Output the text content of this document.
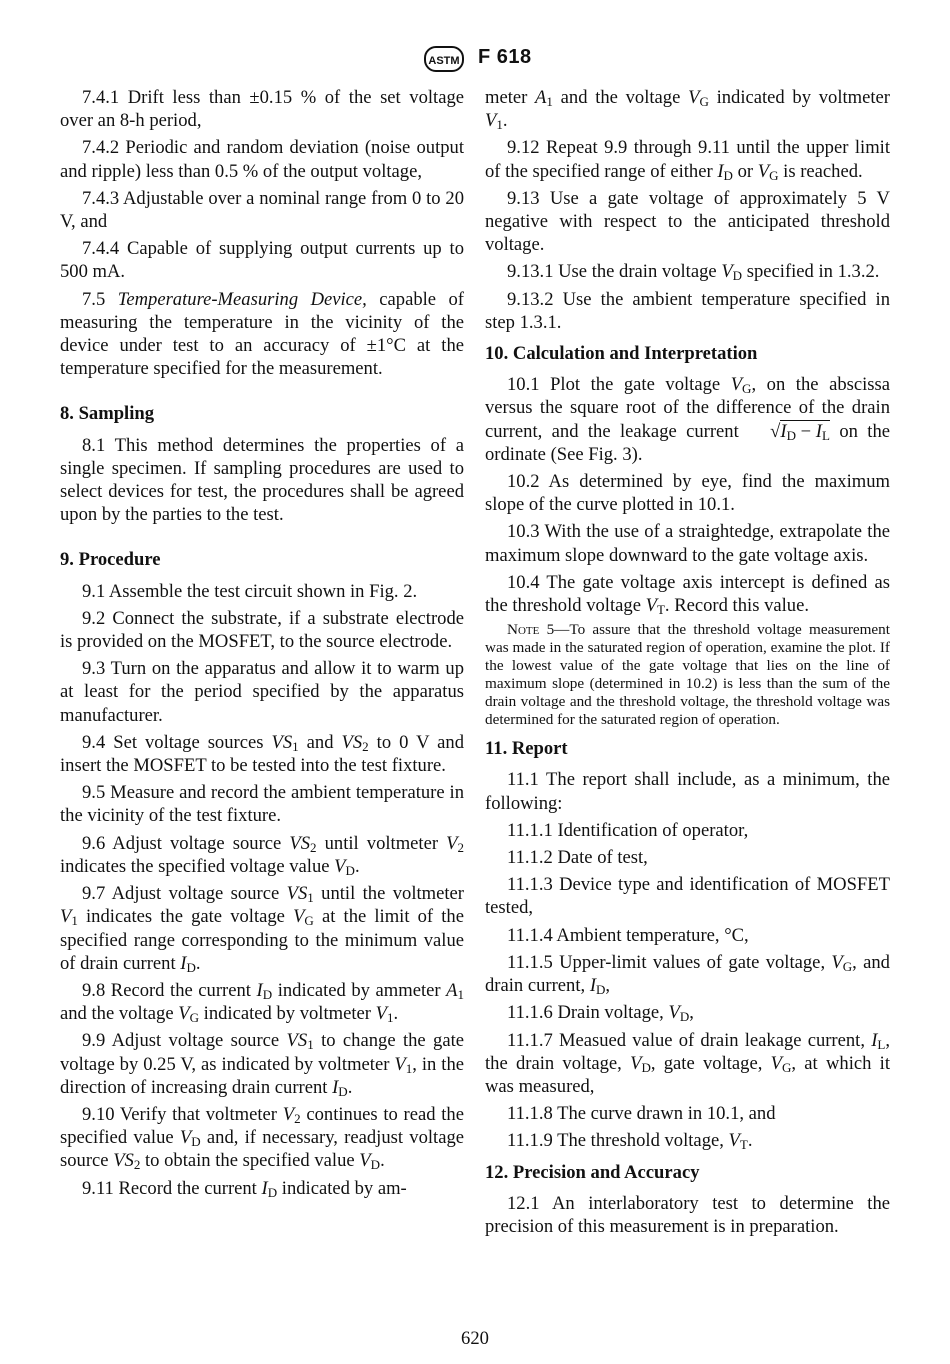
ASTM F 618

7.4.1 Drift less than ±0.15 % of the set voltage over an 8-h period,

7.4.2 Periodic and random deviation (noise output and ripple) less than 0.5 % of the output voltage,

7.4.3 Adjustable over a nominal range from 0 to 20 V, and

7.4.4 Capable of supplying output currents up to 500 mA.

7.5 Temperature-Measuring Device, capable of measuring the temperature in the vicinity of the device under test to an accuracy of ±1°C at the temperature specified for the measurement.

8. Sampling

8.1 This method determines the properties of a single specimen. If sampling procedures are used to select devices for test, the procedures shall be agreed upon by the parties to the test.

9. Procedure

9.1 Assemble the test circuit shown in Fig. 2.

9.2 Connect the substrate, if a substrate electrode is provided on the MOSFET, to the source electrode.

9.3 Turn on the apparatus and allow it to warm up at least for the period specified by the apparatus manufacturer.

9.4 Set voltage sources $VS_1$ and $VS_2$ to 0 V and insert the MOSFET to be tested into the test fixture.

9.5 Measure and record the ambient temperature in the vicinity of the test fixture.

9.6 Adjust voltage source $VS_2$ until voltmeter $V_2$ indicates the specified voltage value $V_D$.

9.7 Adjust voltage source $VS_1$ until the voltmeter $V_1$ indicates the gate voltage $V_G$ at the limit of the specified range corresponding to the minimum value of drain current $I_D$.

9.8 Record the current $I_D$ indicated by ammeter $A_1$ and the voltage $V_G$ indicated by voltmeter $V_1$.

9.9 Adjust voltage source $VS_1$ to change the gate voltage by 0.25 V, as indicated by voltmeter $V_1$, in the direction of increasing drain current $I_D$.

9.10 Verify that voltmeter $V_2$ continues to read the specified value $V_D$ and, if necessary, readjust voltage source $VS_2$ to obtain the specified value $V_D$.

9.11 Record the current $I_D$ indicated by am-

meter $A_1$ and the voltage $V_G$ indicated by voltmeter $V_1$.

9.12 Repeat 9.9 through 9.11 until the upper limit of the specified range of either $I_D$ or $V_G$ is reached.

9.13 Use a gate voltage of approximately 5 V negative with respect to the anticipated threshold voltage.

9.13.1 Use the drain voltage $V_D$ specified in 1.3.2.

9.13.2 Use the ambient temperature specified in step 1.3.1.

10. Calculation and Interpretation

10.1 Plot the gate voltage $V_G$, on the abscissa versus the square root of the difference of the drain current, and the leakage current $√I_D - I_L$ on the ordinate (See Fig. 3).

10.2 As determined by eye, find the maximum slope of the curve plotted in 10.1.

10.3 With the use of a straightedge, extrapolate the maximum slope downward to the gate voltage axis.

10.4 The gate voltage axis intercept is defined as the threshold voltage $V_T$. Record this value.

Note 5—To assure that the threshold voltage measurement was made in the saturated region of operation, examine the plot. If the lowest value of the gate voltage that lies on the line of maximum slope (determined in 10.2) is less than the sum of the drain voltage and the threshold voltage, the threshold voltage was determined for the saturated region of operation.

11. Report

11.1 The report shall include, as a minimum, the following:

11.1.1 Identification of operator,

11.1.2 Date of test,

11.1.3 Device type and identification of MOSFET tested,

11.1.4 Ambient temperature, °C,

11.1.5 Upper-limit values of gate voltage, $V_G$, and drain current, $I_D$,

11.1.6 Drain voltage, $V_D$,

11.1.7 Measued value of drain leakage current, $I_L$, the drain voltage, $V_D$, gate voltage, $V_G$, at which it was measured,

11.1.8 The curve drawn in 10.1, and

11.1.9 The threshold voltage, $V_T$.

12. Precision and Accuracy

12.1 An interlaboratory test to determine the precision of this measurement is in preparation.

620
